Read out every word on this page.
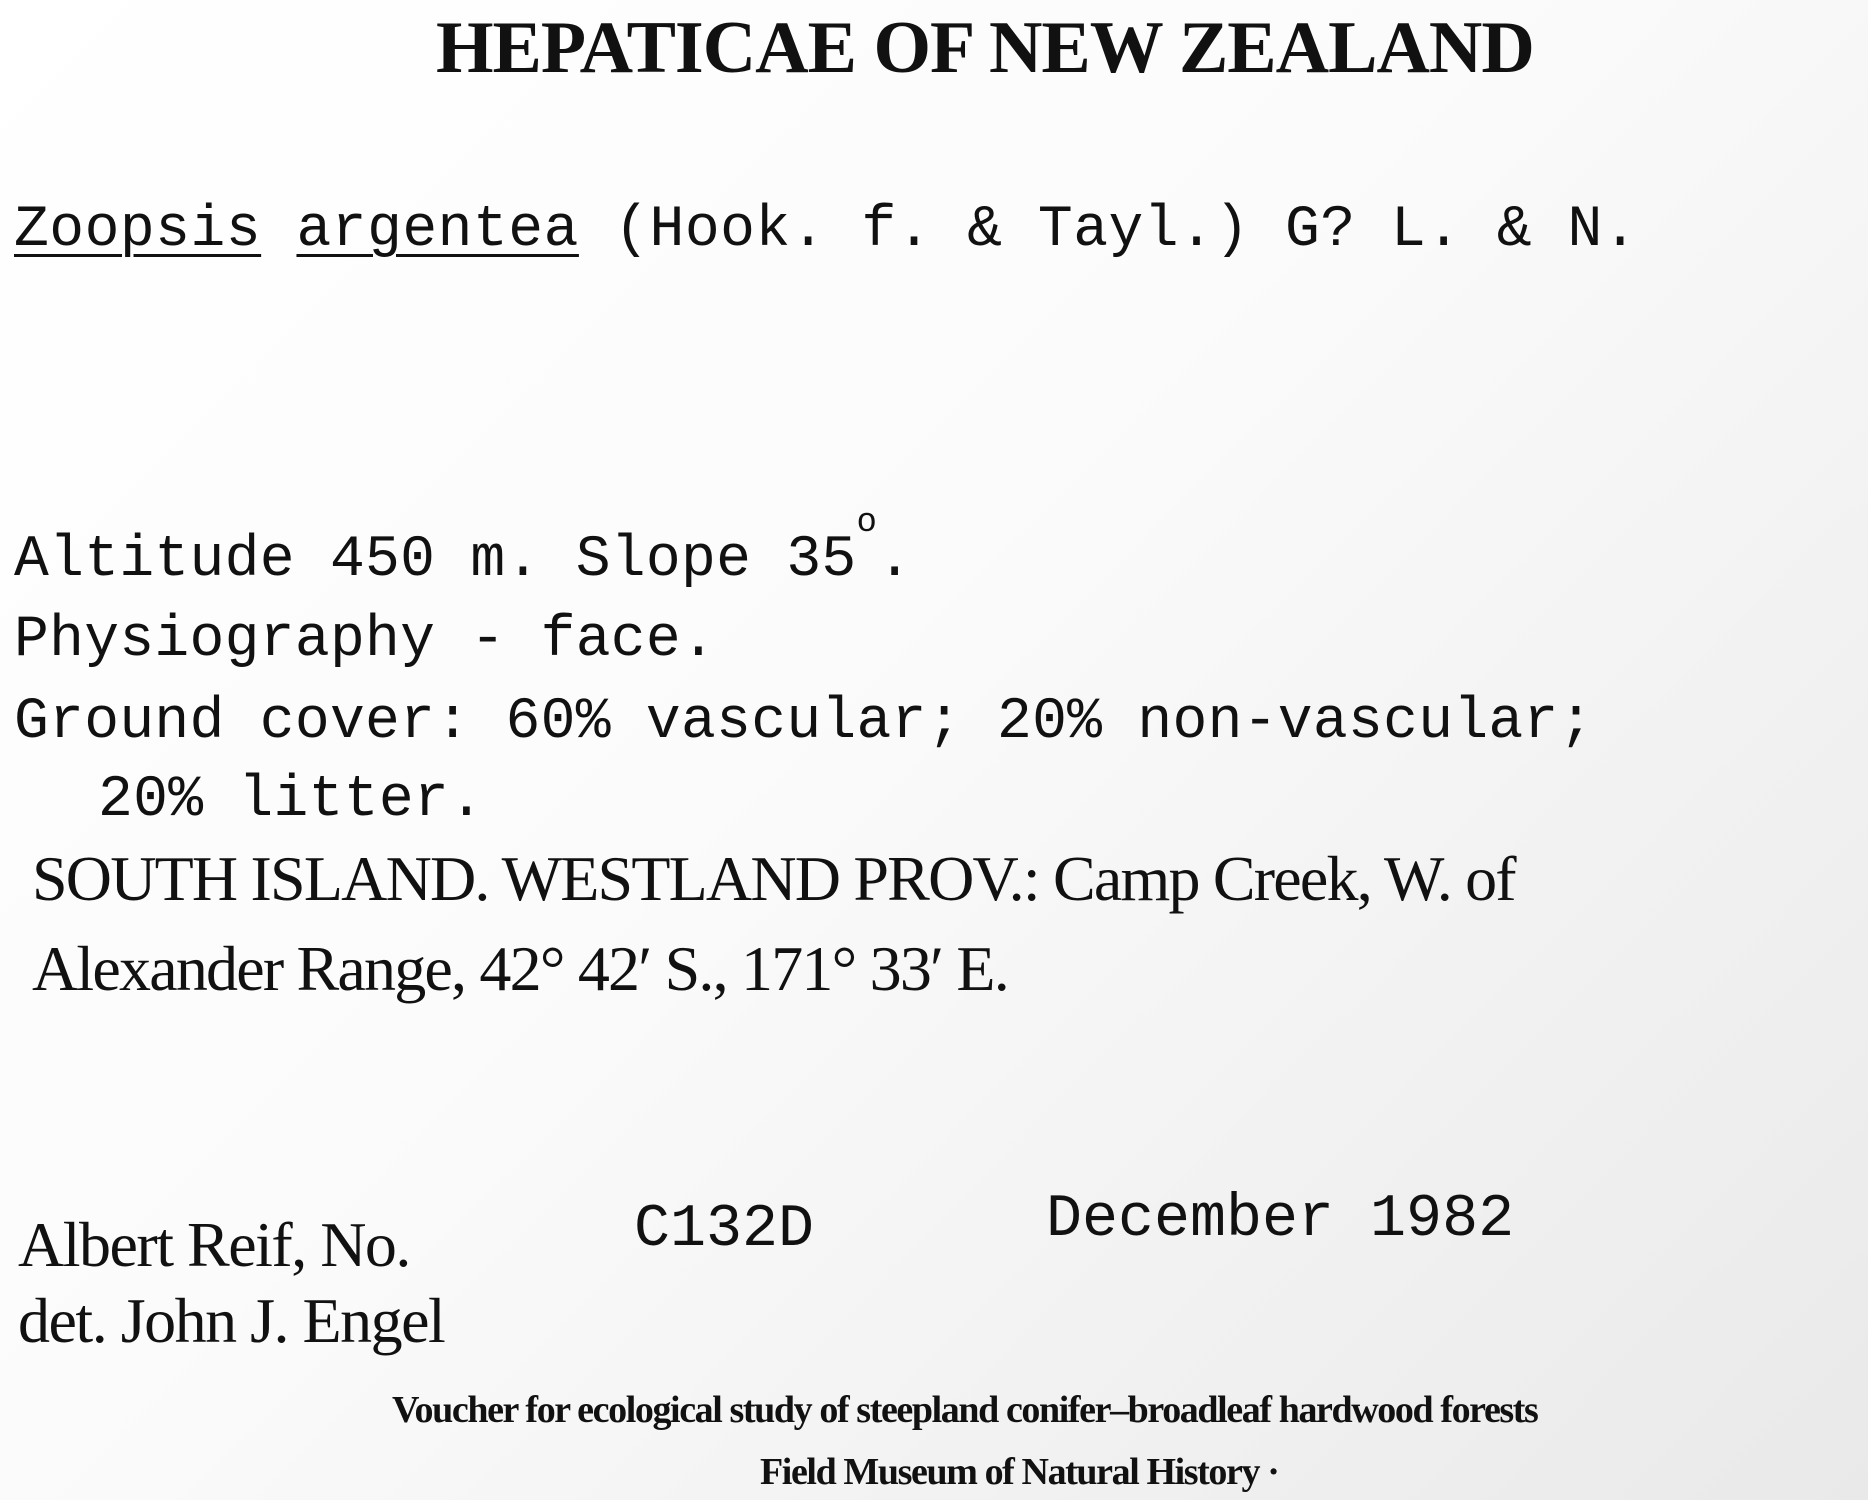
HEPATICAE OF NEW ZEALAND
Zoopsis argentea (Hook. f. & Tayl.) G? L. & N.
Altitude 450 m. Slope 35$^o$.
Physiography - face.
Ground cover: 60% vascular; 20% non-vascular;
20% litter.
SOUTH ISLAND. WESTLAND PROV.: Camp Creek, W. of
Alexander Range, 42° 42′ S., 171° 33′ E.
Albert Reif, No.	C132D	December 1982
det. John J. Engel
Voucher for ecological study of steepland conifer–broadleaf hardwood forests
Field Museum of Natural History ·
